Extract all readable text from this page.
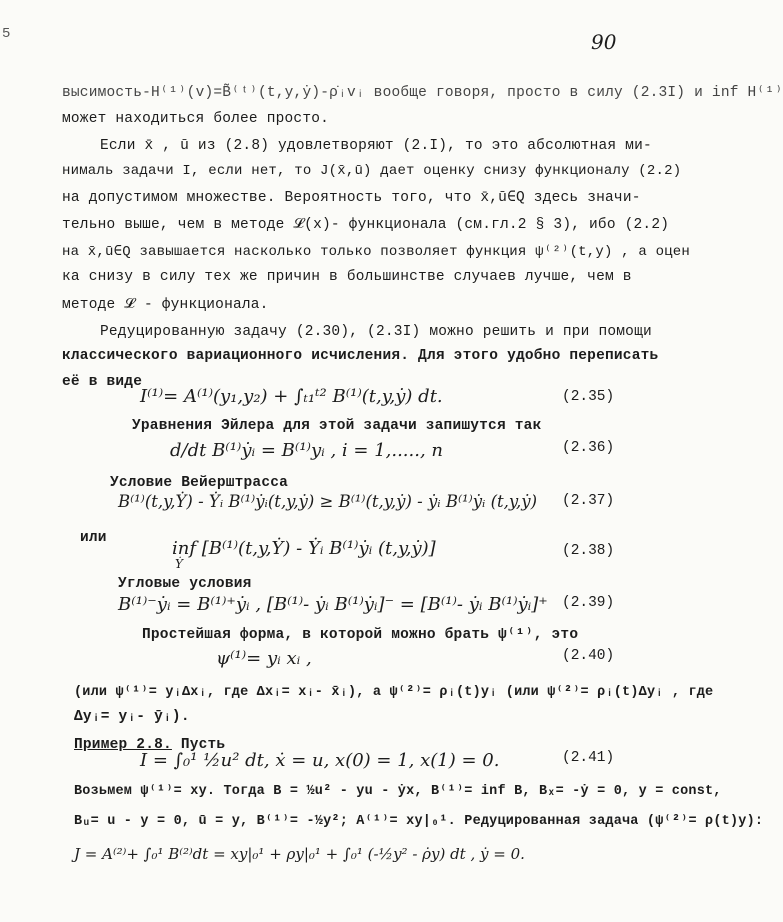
5	90
высимость-H⁽¹⁾(v)=B̃⁽ᵗ⁾(t,y,ẏ)-ρ̇ᵢvᵢ вообще говоря, просто в силу (2.3I) и inf H⁽¹⁾
может находиться более просто.
Если x̄ , ū из (2.8) удовлетворяют (2.I), то это абсолютная ми-
нималь задачи I, если нет, то J(x̄,ū) дает оценку снизу функционалу (2.2)
на допустимом множестве. Вероятность того, что x̄,ū∈Q здесь значи-
тельно выше, чем в методе 𝓛(x)- функционала (см.гл.2 § 3), ибо (2.2)
на x̄,ū∈Q завышается насколько только позволяет функция ψ⁽²⁾(t,y) , а оцен
ка снизу в силу тех же причин в большинстве случаев лучше, чем в
методе 𝓛 - функционала.
Редуцированную задачу (2.30), (2.3I) можно решить и при помощи
классического вариационного исчисления. Для этого удобно переписать
её в виде
I⁽¹⁾= A⁽¹⁾(y₁,y₂) + ∫ₜ₁ᵗ² B⁽¹⁾(t,y,ẏ) dt.	(2.35)
Уравнения Эйлера для этой задачи запишутся так
d/dt B⁽¹⁾ẏᵢ = B⁽¹⁾yᵢ , i = 1,....., n	(2.36)
Условие Вейерштрасса
B⁽¹⁾(t,y,Ẏ) - Ẏᵢ B⁽¹⁾ẏᵢ(t,y,ẏ) ≥ B⁽¹⁾(t,y,ẏ) - ẏᵢ B⁽¹⁾ẏᵢ (t,y,ẏ) (2.37)
или	inf [B⁽¹⁾(t,y,Ẏ) - Ẏᵢ B⁽¹⁾ẏᵢ (t,y,ẏ)]
Ẏ
(2.38)
Угловые условия
B⁽¹⁾⁻ẏᵢ = B⁽¹⁾⁺ẏᵢ , [B⁽¹⁾- ẏᵢ B⁽¹⁾ẏᵢ]⁻ = [B⁽¹⁾- ẏᵢ B⁽¹⁾ẏᵢ]⁺ (2.39)
Простейшая форма, в которой можно брать ψ⁽¹⁾, это
ψ⁽¹⁾= yᵢ xᵢ ,	(2.40)
(или ψ⁽¹⁾= yᵢΔxᵢ, где Δxᵢ= xᵢ- x̄ᵢ), а ψ⁽²⁾= ρᵢ(t)yᵢ (или ψ⁽²⁾= ρᵢ(t)Δyᵢ , где
Δyᵢ= yᵢ- ȳᵢ).
Пример 2.8. Пусть
I = ∫₀¹ ½u² dt, ẋ = u, x(0) = 1, x(1) = 0.	(2.41)
Возьмем ψ⁽¹⁾= xy. Тогда B = ½u² - yu - ẏx, B⁽¹⁾= inf B, Bₓ= -ẏ = 0, y = const,
Bᵤ= u - y = 0, ū = y, B⁽¹⁾= -½y²; A⁽¹⁾= xy|₀¹. Редуцированная задача (ψ⁽²⁾= ρ(t)y):
J = A⁽²⁾+ ∫₀¹ B⁽²⁾dt = xy|₀¹ + ρy|₀¹ + ∫₀¹ (-½y² - ρ̇y) dt , ẏ = 0.
